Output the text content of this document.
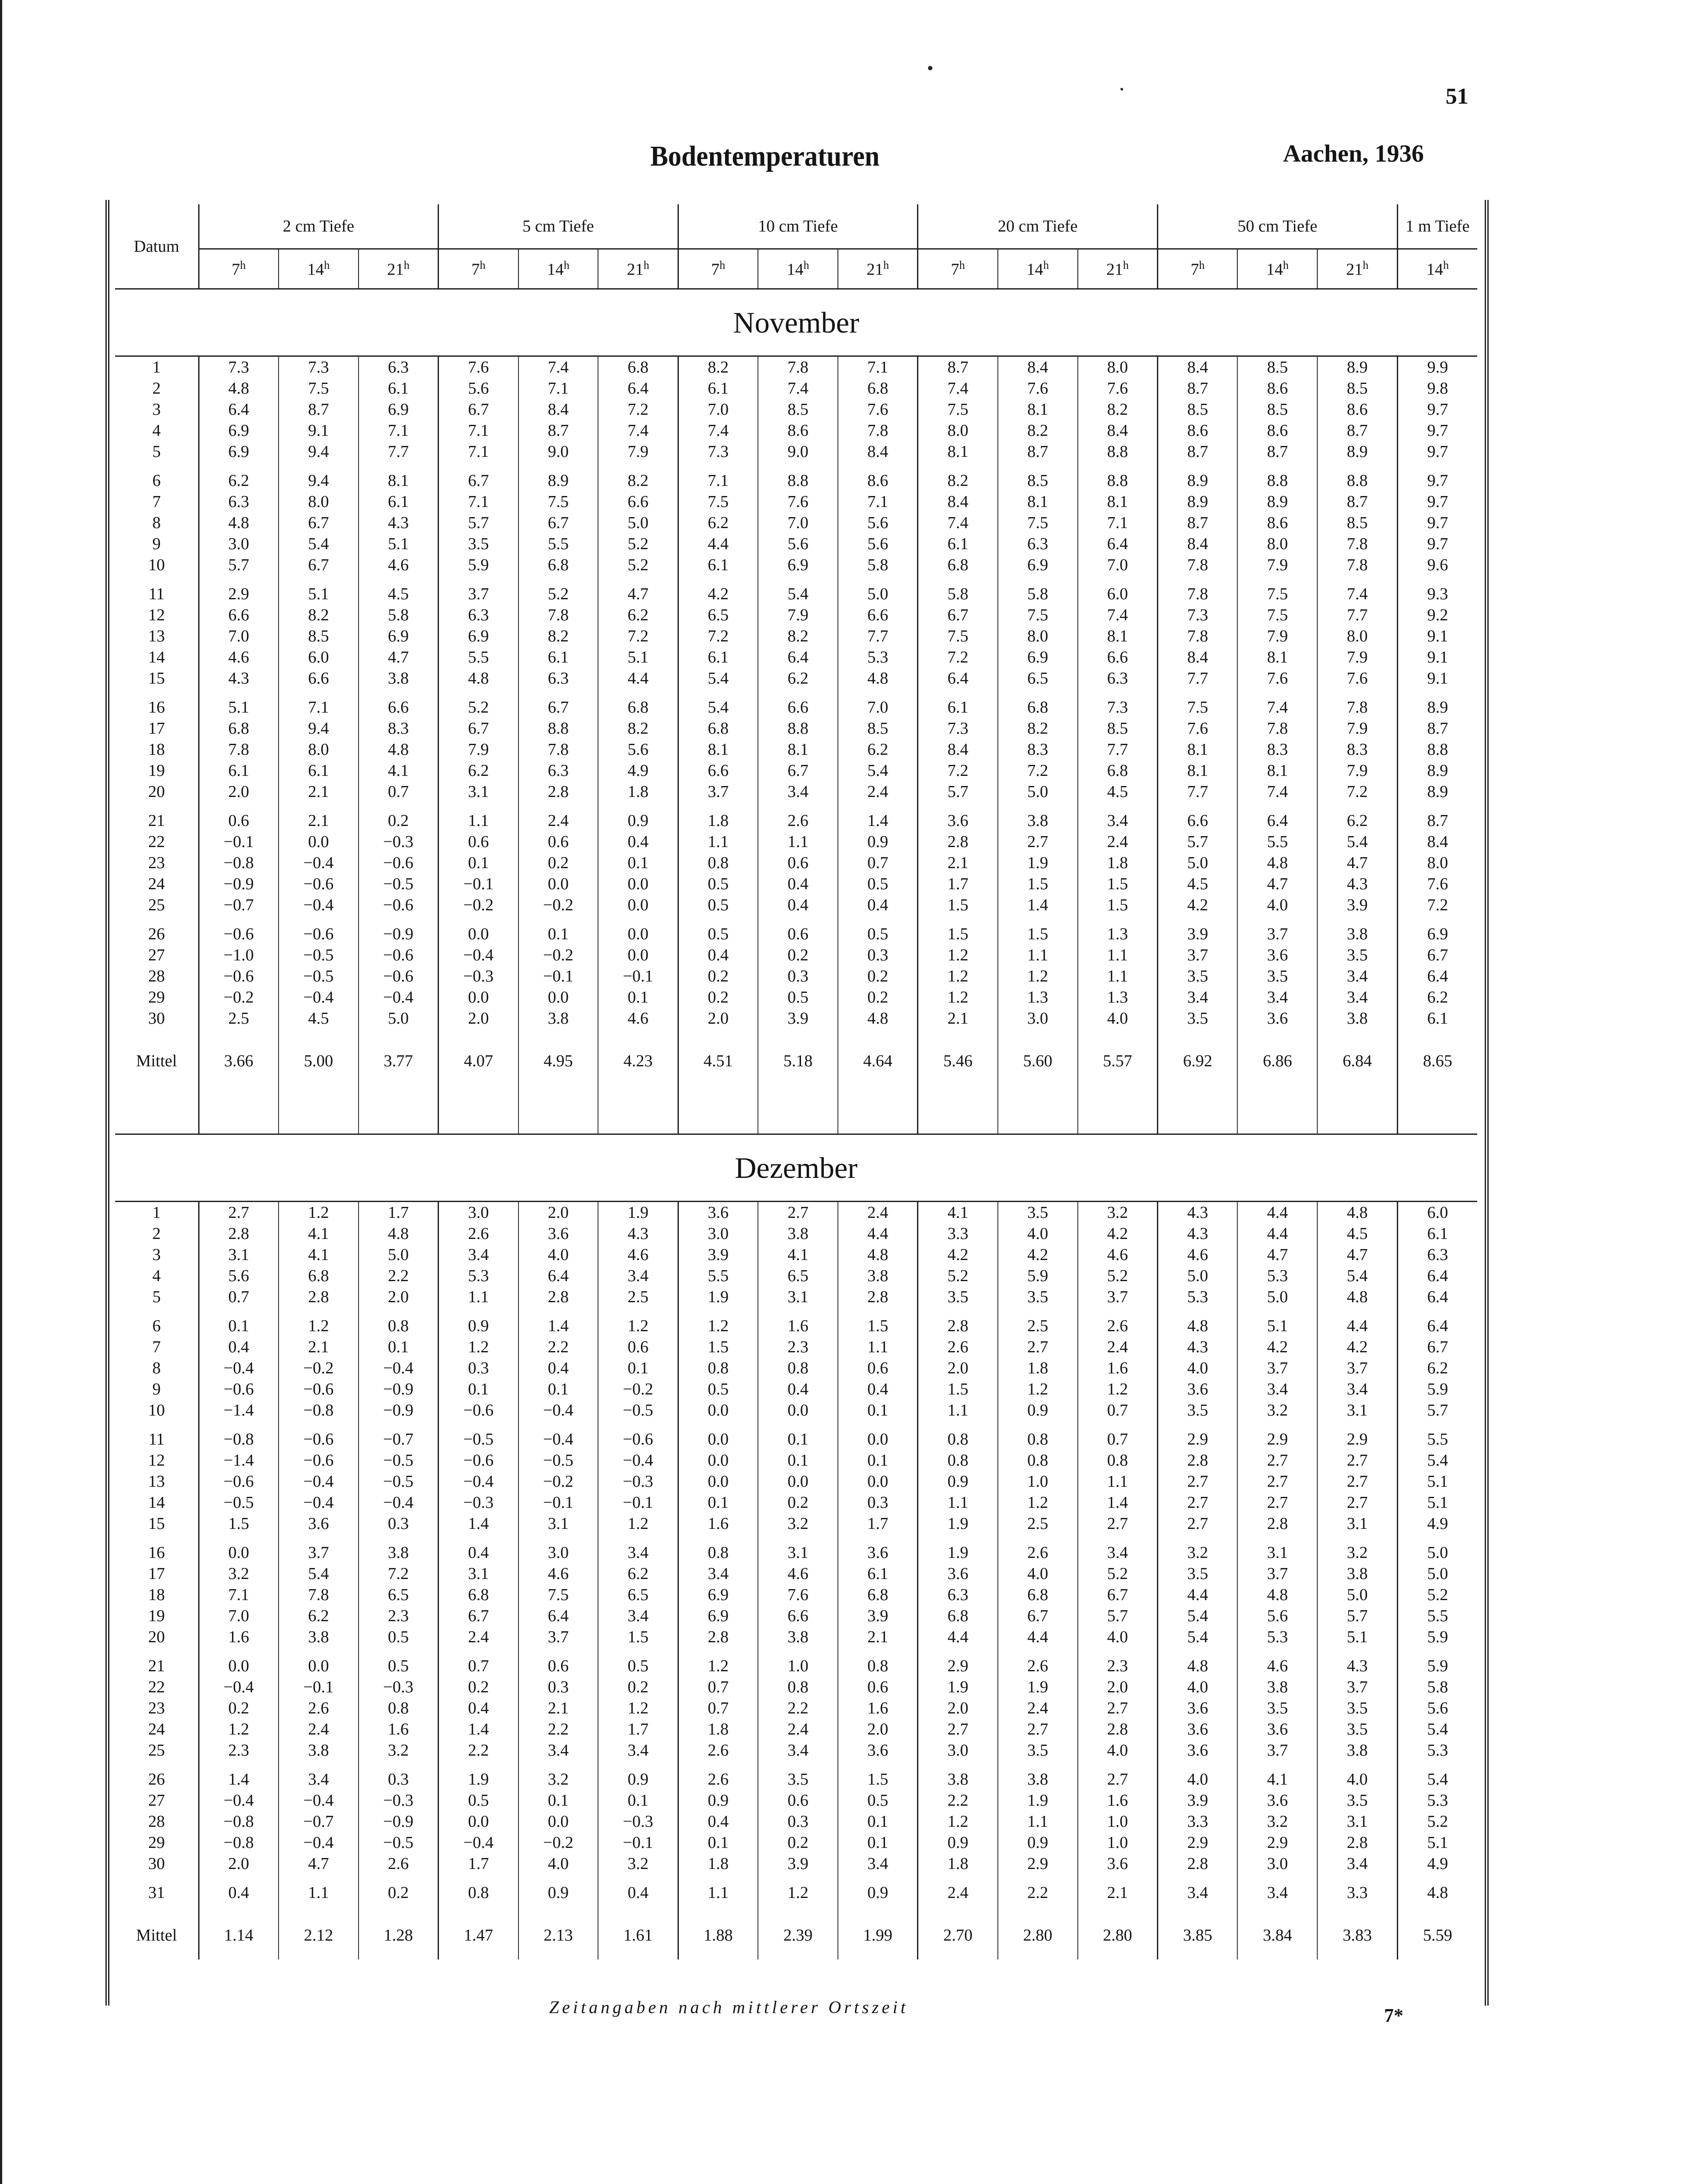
51
Bodentemperaturen	Aachen, 1936
Datum	2 cm Tiefe			5 cm Tiefe			10 cm Tiefe			20 cm Tiefe			50 cm Tiefe			1 m Tiefe
	7$^h$	14$^h$	21$^h$	7$^h$	14$^h$	21$^h$	7$^h$	14$^h$	21$^h$	7$^h$	14$^h$	21$^h$	7$^h$	14$^h$	21$^h$	14$^h$
November																
1	7.3	7.3	6.3	7.6	7.4	6.8	8.2	7.8	7.1	8.7	8.4	8.0	8.4	8.5	8.9	9.9
2	4.8	7.5	6.1	5.6	7.1	6.4	6.1	7.4	6.8	7.4	7.6	7.6	8.7	8.6	8.5	9.8
3	6.4	8.7	6.9	6.7	8.4	7.2	7.0	8.5	7.6	7.5	8.1	8.2	8.5	8.5	8.6	9.7
4	6.9	9.1	7.1	7.1	8.7	7.4	7.4	8.6	7.8	8.0	8.2	8.4	8.6	8.6	8.7	9.7
5	6.9	9.4	7.7	7.1	9.0	7.9	7.3	9.0	8.4	8.1	8.7	8.8	8.7	8.7	8.9	9.7

6	6.2	9.4	8.1	6.7	8.9	8.2	7.1	8.8	8.6	8.2	8.5	8.8	8.9	8.8	8.8	9.7
7	6.3	8.0	6.1	7.1	7.5	6.6	7.5	7.6	7.1	8.4	8.1	8.1	8.9	8.9	8.7	9.7
8	4.8	6.7	4.3	5.7	6.7	5.0	6.2	7.0	5.6	7.4	7.5	7.1	8.7	8.6	8.5	9.7
9	3.0	5.4	5.1	3.5	5.5	5.2	4.4	5.6	5.6	6.1	6.3	6.4	8.4	8.0	7.8	9.7
10	5.7	6.7	4.6	5.9	6.8	5.2	6.1	6.9	5.8	6.8	6.9	7.0	7.8	7.9	7.8	9.6

11	2.9	5.1	4.5	3.7	5.2	4.7	4.2	5.4	5.0	5.8	5.8	6.0	7.8	7.5	7.4	9.3
12	6.6	8.2	5.8	6.3	7.8	6.2	6.5	7.9	6.6	6.7	7.5	7.4	7.3	7.5	7.7	9.2
13	7.0	8.5	6.9	6.9	8.2	7.2	7.2	8.2	7.7	7.5	8.0	8.1	7.8	7.9	8.0	9.1
14	4.6	6.0	4.7	5.5	6.1	5.1	6.1	6.4	5.3	7.2	6.9	6.6	8.4	8.1	7.9	9.1
15	4.3	6.6	3.8	4.8	6.3	4.4	5.4	6.2	4.8	6.4	6.5	6.3	7.7	7.6	7.6	9.1

16	5.1	7.1	6.6	5.2	6.7	6.8	5.4	6.6	7.0	6.1	6.8	7.3	7.5	7.4	7.8	8.9
17	6.8	9.4	8.3	6.7	8.8	8.2	6.8	8.8	8.5	7.3	8.2	8.5	7.6	7.8	7.9	8.7
18	7.8	8.0	4.8	7.9	7.8	5.6	8.1	8.1	6.2	8.4	8.3	7.7	8.1	8.3	8.3	8.8
19	6.1	6.1	4.1	6.2	6.3	4.9	6.6	6.7	5.4	7.2	7.2	6.8	8.1	8.1	7.9	8.9
20	2.0	2.1	0.7	3.1	2.8	1.8	3.7	3.4	2.4	5.7	5.0	4.5	7.7	7.4	7.2	8.9

21	0.6	2.1	0.2	1.1	2.4	0.9	1.8	2.6	1.4	3.6	3.8	3.4	6.6	6.4	6.2	8.7
22	−0.1	0.0	−0.3	0.6	0.6	0.4	1.1	1.1	0.9	2.8	2.7	2.4	5.7	5.5	5.4	8.4
23	−0.8	−0.4	−0.6	0.1	0.2	0.1	0.8	0.6	0.7	2.1	1.9	1.8	5.0	4.8	4.7	8.0
24	−0.9	−0.6	−0.5	−0.1	0.0	0.0	0.5	0.4	0.5	1.7	1.5	1.5	4.5	4.7	4.3	7.6
25	−0.7	−0.4	−0.6	−0.2	−0.2	0.0	0.5	0.4	0.4	1.5	1.4	1.5	4.2	4.0	3.9	7.2

26	−0.6	−0.6	−0.9	0.0	0.1	0.0	0.5	0.6	0.5	1.5	1.5	1.3	3.9	3.7	3.8	6.9
27	−1.0	−0.5	−0.6	−0.4	−0.2	0.0	0.4	0.2	0.3	1.2	1.1	1.1	3.7	3.6	3.5	6.7
28	−0.6	−0.5	−0.6	−0.3	−0.1	−0.1	0.2	0.3	0.2	1.2	1.2	1.1	3.5	3.5	3.4	6.4
29	−0.2	−0.4	−0.4	0.0	0.0	0.1	0.2	0.5	0.2	1.2	1.3	1.3	3.4	3.4	3.4	6.2
30	2.5	4.5	5.0	2.0	3.8	4.6	2.0	3.9	4.8	2.1	3.0	4.0	3.5	3.6	3.8	6.1

Mittel	3.66	5.00	3.77	4.07	4.95	4.23	4.51	5.18	4.64	5.46	5.60	5.57	6.92	6.86	6.84	8.65

Dezember																
1	2.7	1.2	1.7	3.0	2.0	1.9	3.6	2.7	2.4	4.1	3.5	3.2	4.3	4.4	4.8	6.0
2	2.8	4.1	4.8	2.6	3.6	4.3	3.0	3.8	4.4	3.3	4.0	4.2	4.3	4.4	4.5	6.1
3	3.1	4.1	5.0	3.4	4.0	4.6	3.9	4.1	4.8	4.2	4.2	4.6	4.6	4.7	4.7	6.3
4	5.6	6.8	2.2	5.3	6.4	3.4	5.5	6.5	3.8	5.2	5.9	5.2	5.0	5.3	5.4	6.4
5	0.7	2.8	2.0	1.1	2.8	2.5	1.9	3.1	2.8	3.5	3.5	3.7	5.3	5.0	4.8	6.4

6	0.1	1.2	0.8	0.9	1.4	1.2	1.2	1.6	1.5	2.8	2.5	2.6	4.8	5.1	4.4	6.4
7	0.4	2.1	0.1	1.2	2.2	0.6	1.5	2.3	1.1	2.6	2.7	2.4	4.3	4.2	4.2	6.7
8	−0.4	−0.2	−0.4	0.3	0.4	0.1	0.8	0.8	0.6	2.0	1.8	1.6	4.0	3.7	3.7	6.2
9	−0.6	−0.6	−0.9	0.1	0.1	−0.2	0.5	0.4	0.4	1.5	1.2	1.2	3.6	3.4	3.4	5.9
10	−1.4	−0.8	−0.9	−0.6	−0.4	−0.5	0.0	0.0	0.1	1.1	0.9	0.7	3.5	3.2	3.1	5.7

11	−0.8	−0.6	−0.7	−0.5	−0.4	−0.6	0.0	0.1	0.0	0.8	0.8	0.7	2.9	2.9	2.9	5.5
12	−1.4	−0.6	−0.5	−0.6	−0.5	−0.4	0.0	0.1	0.1	0.8	0.8	0.8	2.8	2.7	2.7	5.4
13	−0.6	−0.4	−0.5	−0.4	−0.2	−0.3	0.0	0.0	0.0	0.9	1.0	1.1	2.7	2.7	2.7	5.1
14	−0.5	−0.4	−0.4	−0.3	−0.1	−0.1	0.1	0.2	0.3	1.1	1.2	1.4	2.7	2.7	2.7	5.1
15	1.5	3.6	0.3	1.4	3.1	1.2	1.6	3.2	1.7	1.9	2.5	2.7	2.7	2.8	3.1	4.9

16	0.0	3.7	3.8	0.4	3.0	3.4	0.8	3.1	3.6	1.9	2.6	3.4	3.2	3.1	3.2	5.0
17	3.2	5.4	7.2	3.1	4.6	6.2	3.4	4.6	6.1	3.6	4.0	5.2	3.5	3.7	3.8	5.0
18	7.1	7.8	6.5	6.8	7.5	6.5	6.9	7.6	6.8	6.3	6.8	6.7	4.4	4.8	5.0	5.2
19	7.0	6.2	2.3	6.7	6.4	3.4	6.9	6.6	3.9	6.8	6.7	5.7	5.4	5.6	5.7	5.5
20	1.6	3.8	0.5	2.4	3.7	1.5	2.8	3.8	2.1	4.4	4.4	4.0	5.4	5.3	5.1	5.9

21	0.0	0.0	0.5	0.7	0.6	0.5	1.2	1.0	0.8	2.9	2.6	2.3	4.8	4.6	4.3	5.9
22	−0.4	−0.1	−0.3	0.2	0.3	0.2	0.7	0.8	0.6	1.9	1.9	2.0	4.0	3.8	3.7	5.8
23	0.2	2.6	0.8	0.4	2.1	1.2	0.7	2.2	1.6	2.0	2.4	2.7	3.6	3.5	3.5	5.6
24	1.2	2.4	1.6	1.4	2.2	1.7	1.8	2.4	2.0	2.7	2.7	2.8	3.6	3.6	3.5	5.4
25	2.3	3.8	3.2	2.2	3.4	3.4	2.6	3.4	3.6	3.0	3.5	4.0	3.6	3.7	3.8	5.3

26	1.4	3.4	0.3	1.9	3.2	0.9	2.6	3.5	1.5	3.8	3.8	2.7	4.0	4.1	4.0	5.4
27	−0.4	−0.4	−0.3	0.5	0.1	0.1	0.9	0.6	0.5	2.2	1.9	1.6	3.9	3.6	3.5	5.3
28	−0.8	−0.7	−0.9	0.0	0.0	−0.3	0.4	0.3	0.1	1.2	1.1	1.0	3.3	3.2	3.1	5.2
29	−0.8	−0.4	−0.5	−0.4	−0.2	−0.1	0.1	0.2	0.1	0.9	0.9	1.0	2.9	2.9	2.8	5.1
30	2.0	4.7	2.6	1.7	4.0	3.2	1.8	3.9	3.4	1.8	2.9	3.6	2.8	3.0	3.4	4.9

31	0.4	1.1	0.2	0.8	0.9	0.4	1.1	1.2	0.9	2.4	2.2	2.1	3.4	3.4	3.3	4.8

Mittel	1.14	2.12	1.28	1.47	2.13	1.61	1.88	2.39	1.99	2.70	2.80	2.80	3.85	3.84	3.83	5.59
Zeitangaben nach mittlerer Ortszeit	7*
